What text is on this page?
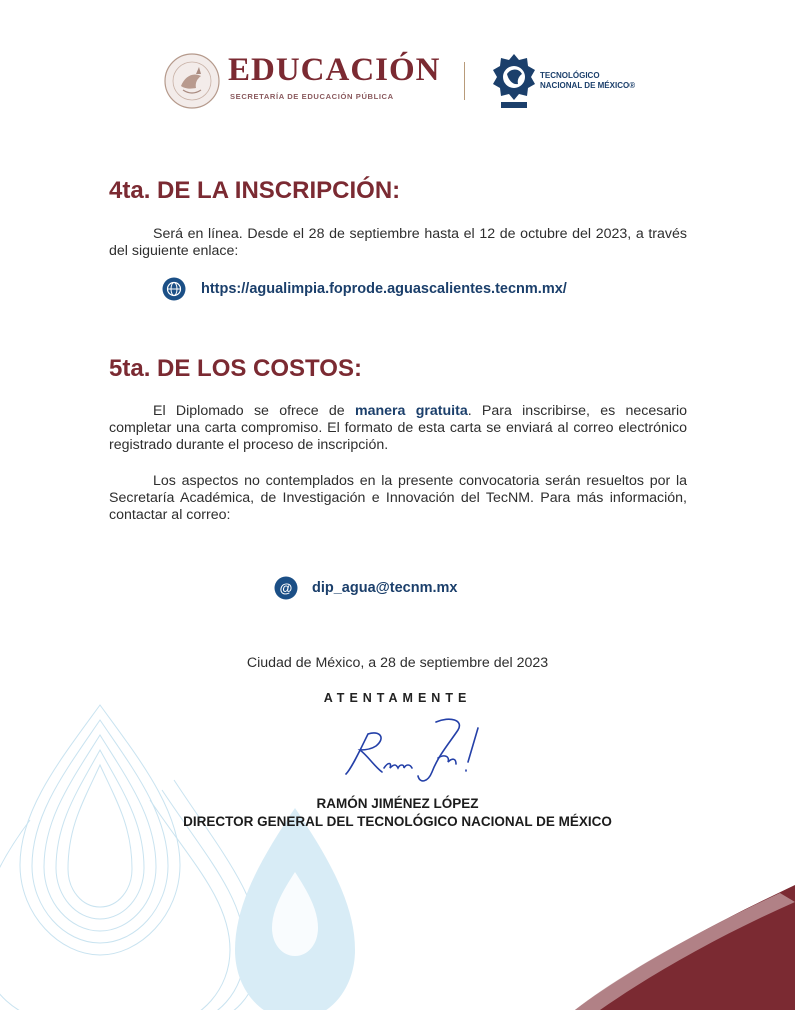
EDUCACIÓN
SECRETARÍA DE EDUCACIÓN PÚBLICA
TECNOLÓGICO
NACIONAL DE MÉXICO®
4ta. DE LA INSCRIPCIÓN:
Será en línea. Desde el 28 de septiembre hasta el 12 de octubre del 2023, a través del siguiente enlace:
https://agualimpia.foprode.aguascalientes.tecnm.mx/
5ta. DE LOS COSTOS:
El Diplomado se ofrece de manera gratuita. Para inscribirse, es necesario completar una carta compromiso. El formato de esta carta se enviará al correo electrónico registrado durante el proceso de inscripción.
Los aspectos no contemplados en la presente convocatoria serán resueltos por la Secretaría Académica, de Investigación e Innovación del TecNM. Para más información, contactar al correo:
@ dip_agua@tecnm.mx
Ciudad de México, a 28 de septiembre del 2023
ATENTAMENTE
RAMÓN JIMÉNEZ LÓPEZ
DIRECTOR GENERAL DEL TECNOLÓGICO NACIONAL DE MÉXICO
